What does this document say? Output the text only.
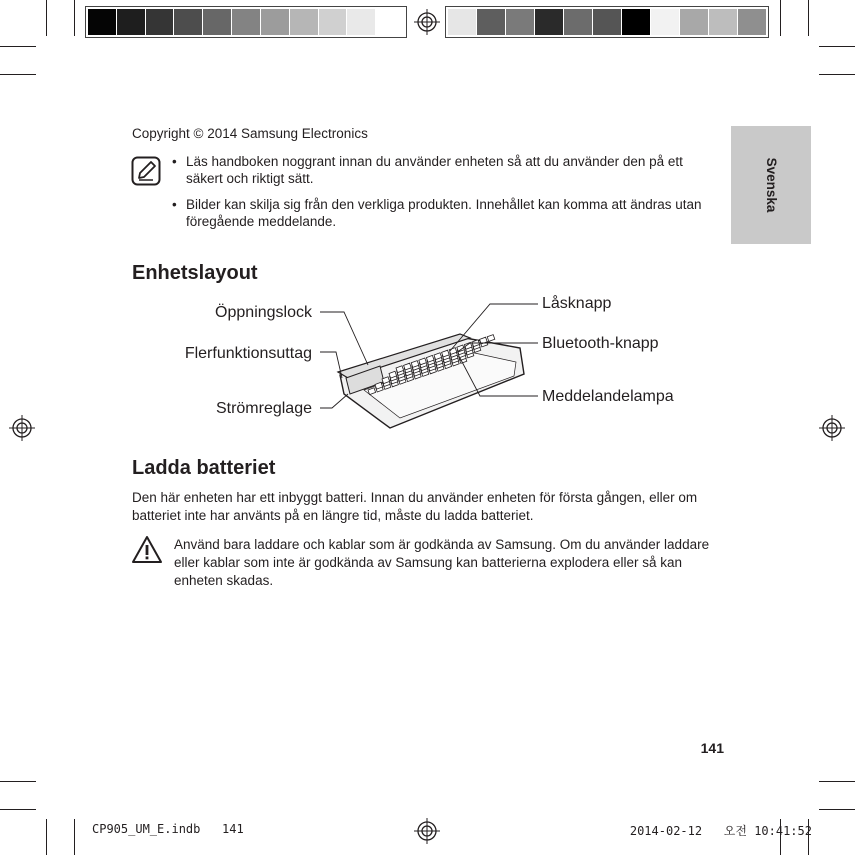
Svenska
Copyright © 2014 Samsung Electronics
• Läs handboken noggrant innan du använder enheten så att du använder den på ett säkert och riktigt sätt.
• Bilder kan skilja sig från den verkliga produkten. Innehållet kan komma att ändras utan föregående meddelande.
Enhetslayout
Öppningslock
Flerfunktionsuttag
Strömreglage
Låsknapp
Bluetooth-knapp
Meddelandelampa
Ladda batteriet
Den här enheten har ett inbyggt batteri. Innan du använder enheten för första gången, eller om batteriet inte har använts på en längre tid, måste du ladda batteriet.
Använd bara laddare och kablar som är godkända av Samsung. Om du använder laddare eller kablar som inte är godkända av Samsung kan batterierna explodera eller så kan enheten skadas.
141
CP905_UM_E.indb   141	2014-02-12   오전 10:41:52
